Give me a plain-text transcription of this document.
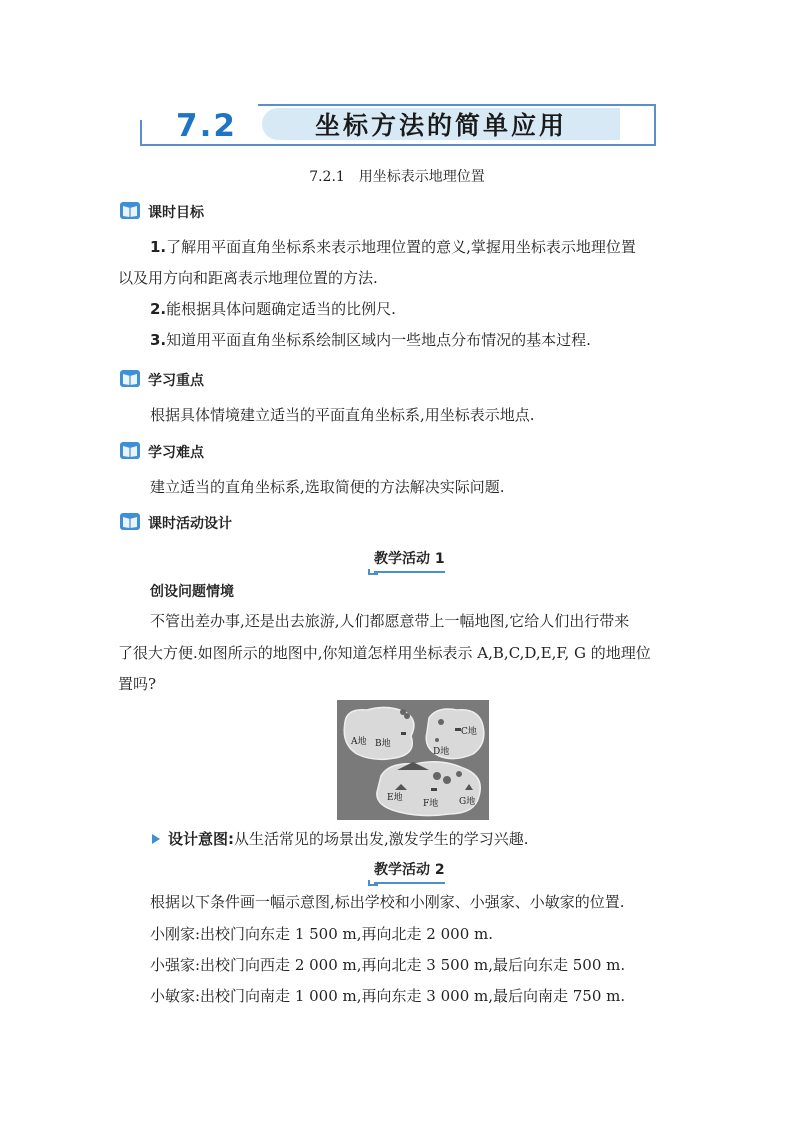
7.2	坐标方法的简单应用
7.2.1　用坐标表示地理位置
课时目标
1.了解用平面直角坐标系来表示地理位置的意义,掌握用坐标表示地理位置
以及用方向和距离表示地理位置的方法.
2.能根据具体问题确定适当的比例尺.
3.知道用平面直角坐标系绘制区域内一些地点分布情况的基本过程.
学习重点
根据具体情境建立适当的平面直角坐标系,用坐标表示地点.
学习难点
建立适当的直角坐标系,选取简便的方法解决实际问题.
课时活动设计
教学活动 1
创设问题情境
不管出差办事,还是出去旅游,人们都愿意带上一幅地图,它给人们出行带来
了很大方便.如图所示的地图中,你知道怎样用坐标表示 A,B,C,D,E,F, G 的地理位
置吗?
A地 B地
C地
D地
E地
F地 G地
设计意图:从生活常见的场景出发,激发学生的学习兴趣.
教学活动 2
根据以下条件画一幅示意图,标出学校和小刚家、小强家、小敏家的位置.
小刚家:出校门向东走 1 500 m,再向北走 2 000 m.
小强家:出校门向西走 2 000 m,再向北走 3 500 m,最后向东走 500 m.
小敏家:出校门向南走 1 000 m,再向东走 3 000 m,最后向南走 750 m.
